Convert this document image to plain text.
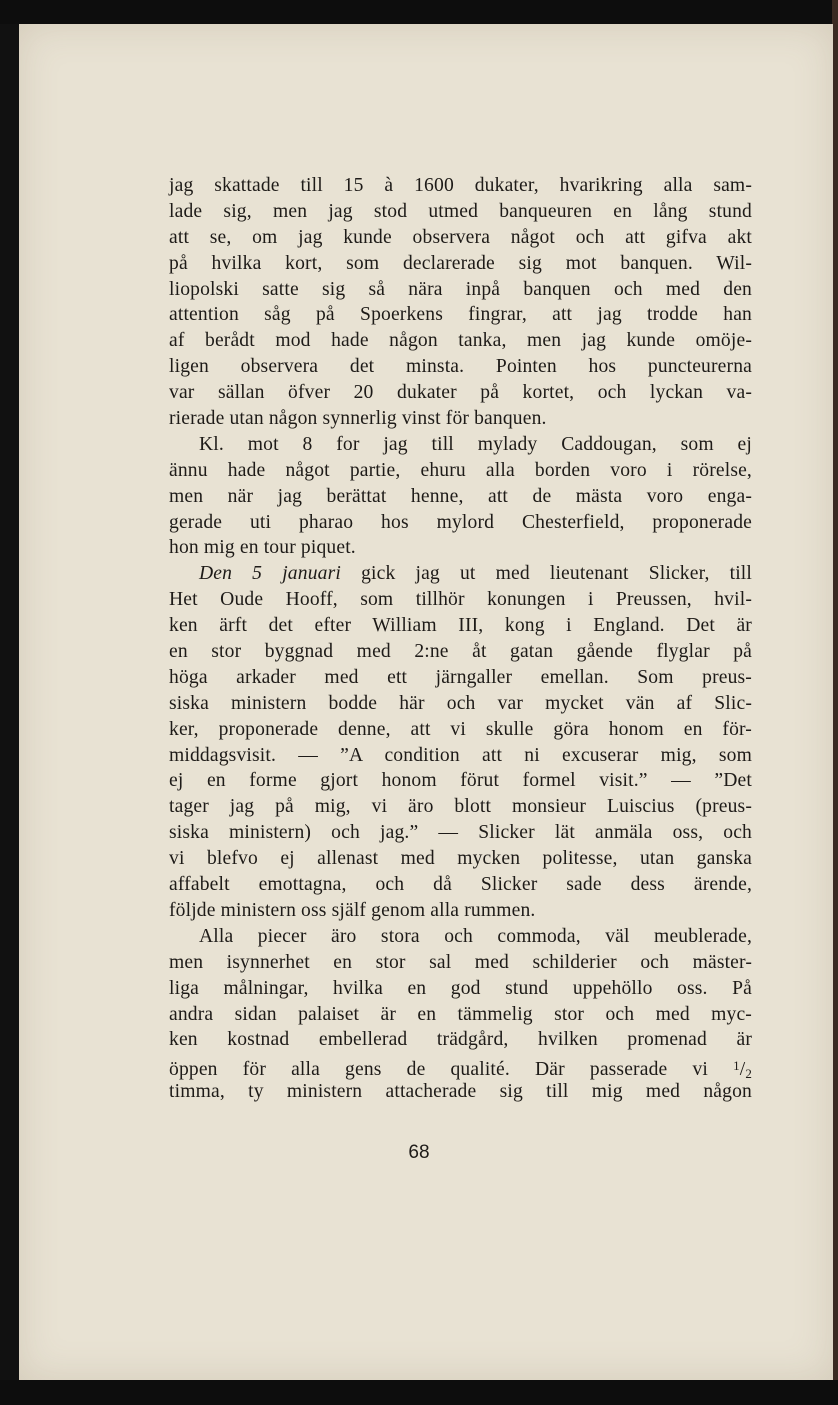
jag skattade till 15 à 1600 dukater, hvarikring alla sam-
lade sig, men jag stod utmed banqueuren en lång stund
att se, om jag kunde observera något och att gifva akt
på hvilka kort, som declarerade sig mot banquen. Wil-
liopolski satte sig så nära inpå banquen och med den
attention såg på Spoerkens fingrar, att jag trodde han
af berådt mod hade någon tanka, men jag kunde omöje-
ligen observera det minsta. Pointen hos puncteurerna
var sällan öfver 20 dukater på kortet, och lyckan va-
rierade utan någon synnerlig vinst för banquen.
Kl. mot 8 for jag till mylady Caddougan, som ej
ännu hade något partie, ehuru alla borden voro i rörelse,
men när jag berättat henne, att de mästa voro enga-
gerade uti pharao hos mylord Chesterfield, proponerade
hon mig en tour piquet.
Den 5 januari gick jag ut med lieutenant Slicker, till
Het Oude Hooff, som tillhör konungen i Preussen, hvil-
ken ärft det efter William III, kong i England. Det är
en stor byggnad med 2:ne åt gatan gående flyglar på
höga arkader med ett järngaller emellan. Som preus-
siska ministern bodde här och var mycket vän af Slic-
ker, proponerade denne, att vi skulle göra honom en för-
middagsvisit. — ”A condition att ni excuserar mig, som
ej en forme gjort honom förut formel visit.” — ”Det
tager jag på mig, vi äro blott monsieur Luiscius (preus-
siska ministern) och jag.” — Slicker lät anmäla oss, och
vi blefvo ej allenast med mycken politesse, utan ganska
affabelt emottagna, och då Slicker sade dess ärende,
följde ministern oss själf genom alla rummen.
Alla piecer äro stora och commoda, väl meublerade,
men isynnerhet en stor sal med schilderier och mäster-
liga målningar, hvilka en god stund uppehöllo oss. På
andra sidan palaiset är en tämmelig stor och med myc-
ken kostnad embellerad trädgård, hvilken promenad är
öppen för alla gens de qualité. Där passerade vi $^1$/2
timma, ty ministern attacherade sig till mig med någon
68
